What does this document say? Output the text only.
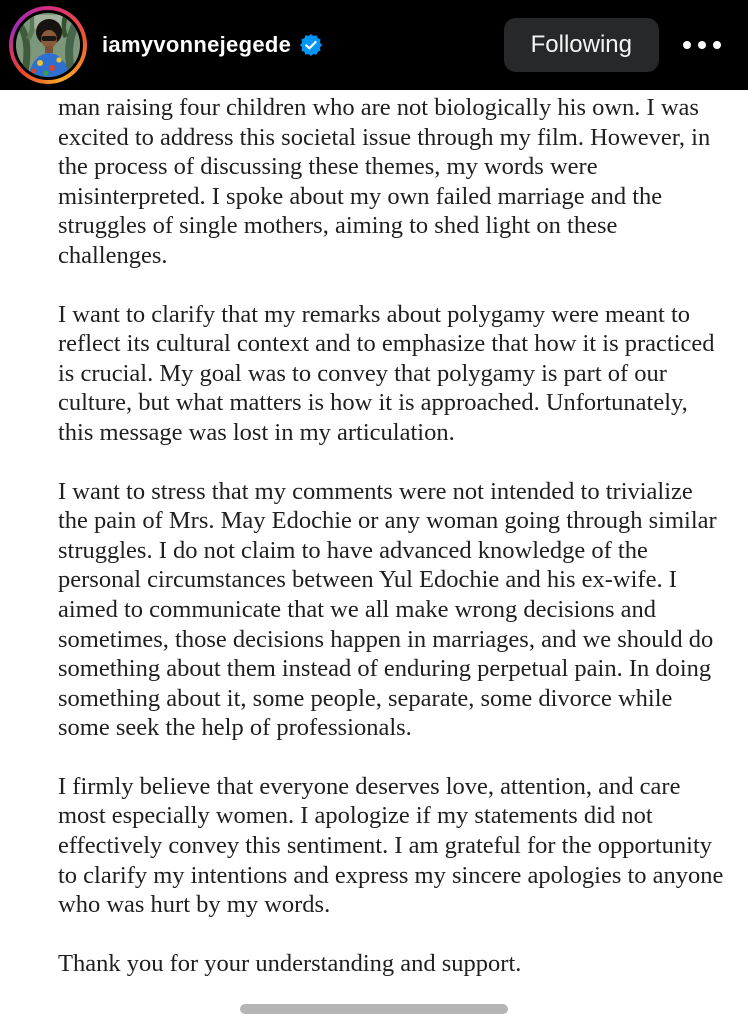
iamyvonnejegede	Following

man raising four children who are not biologically his own. I was excited to address this societal issue through my film. However, in the process of discussing these themes, my words were misinterpreted. I spoke about my own failed marriage and the struggles of single mothers, aiming to shed light on these challenges.

I want to clarify that my remarks about polygamy were meant to reflect its cultural context and to emphasize that how it is practiced is crucial. My goal was to convey that polygamy is part of our culture, but what matters is how it is approached. Unfortunately, this message was lost in my articulation.

I want to stress that my comments were not intended to trivialize the pain of Mrs. May Edochie or any woman going through similar struggles. I do not claim to have advanced knowledge of the personal circumstances between Yul Edochie and his ex-wife. I aimed to communicate that we all make wrong decisions and sometimes, those decisions happen in marriages, and we should do something about them instead of enduring perpetual pain. In doing something about it, some people, separate, some divorce while some seek the help of professionals.

I firmly believe that everyone deserves love, attention, and care most especially women. I apologize if my statements did not effectively convey this sentiment. I am grateful for the opportunity to clarify my intentions and express my sincere apologies to anyone who was hurt by my words.

Thank you for your understanding and support.
